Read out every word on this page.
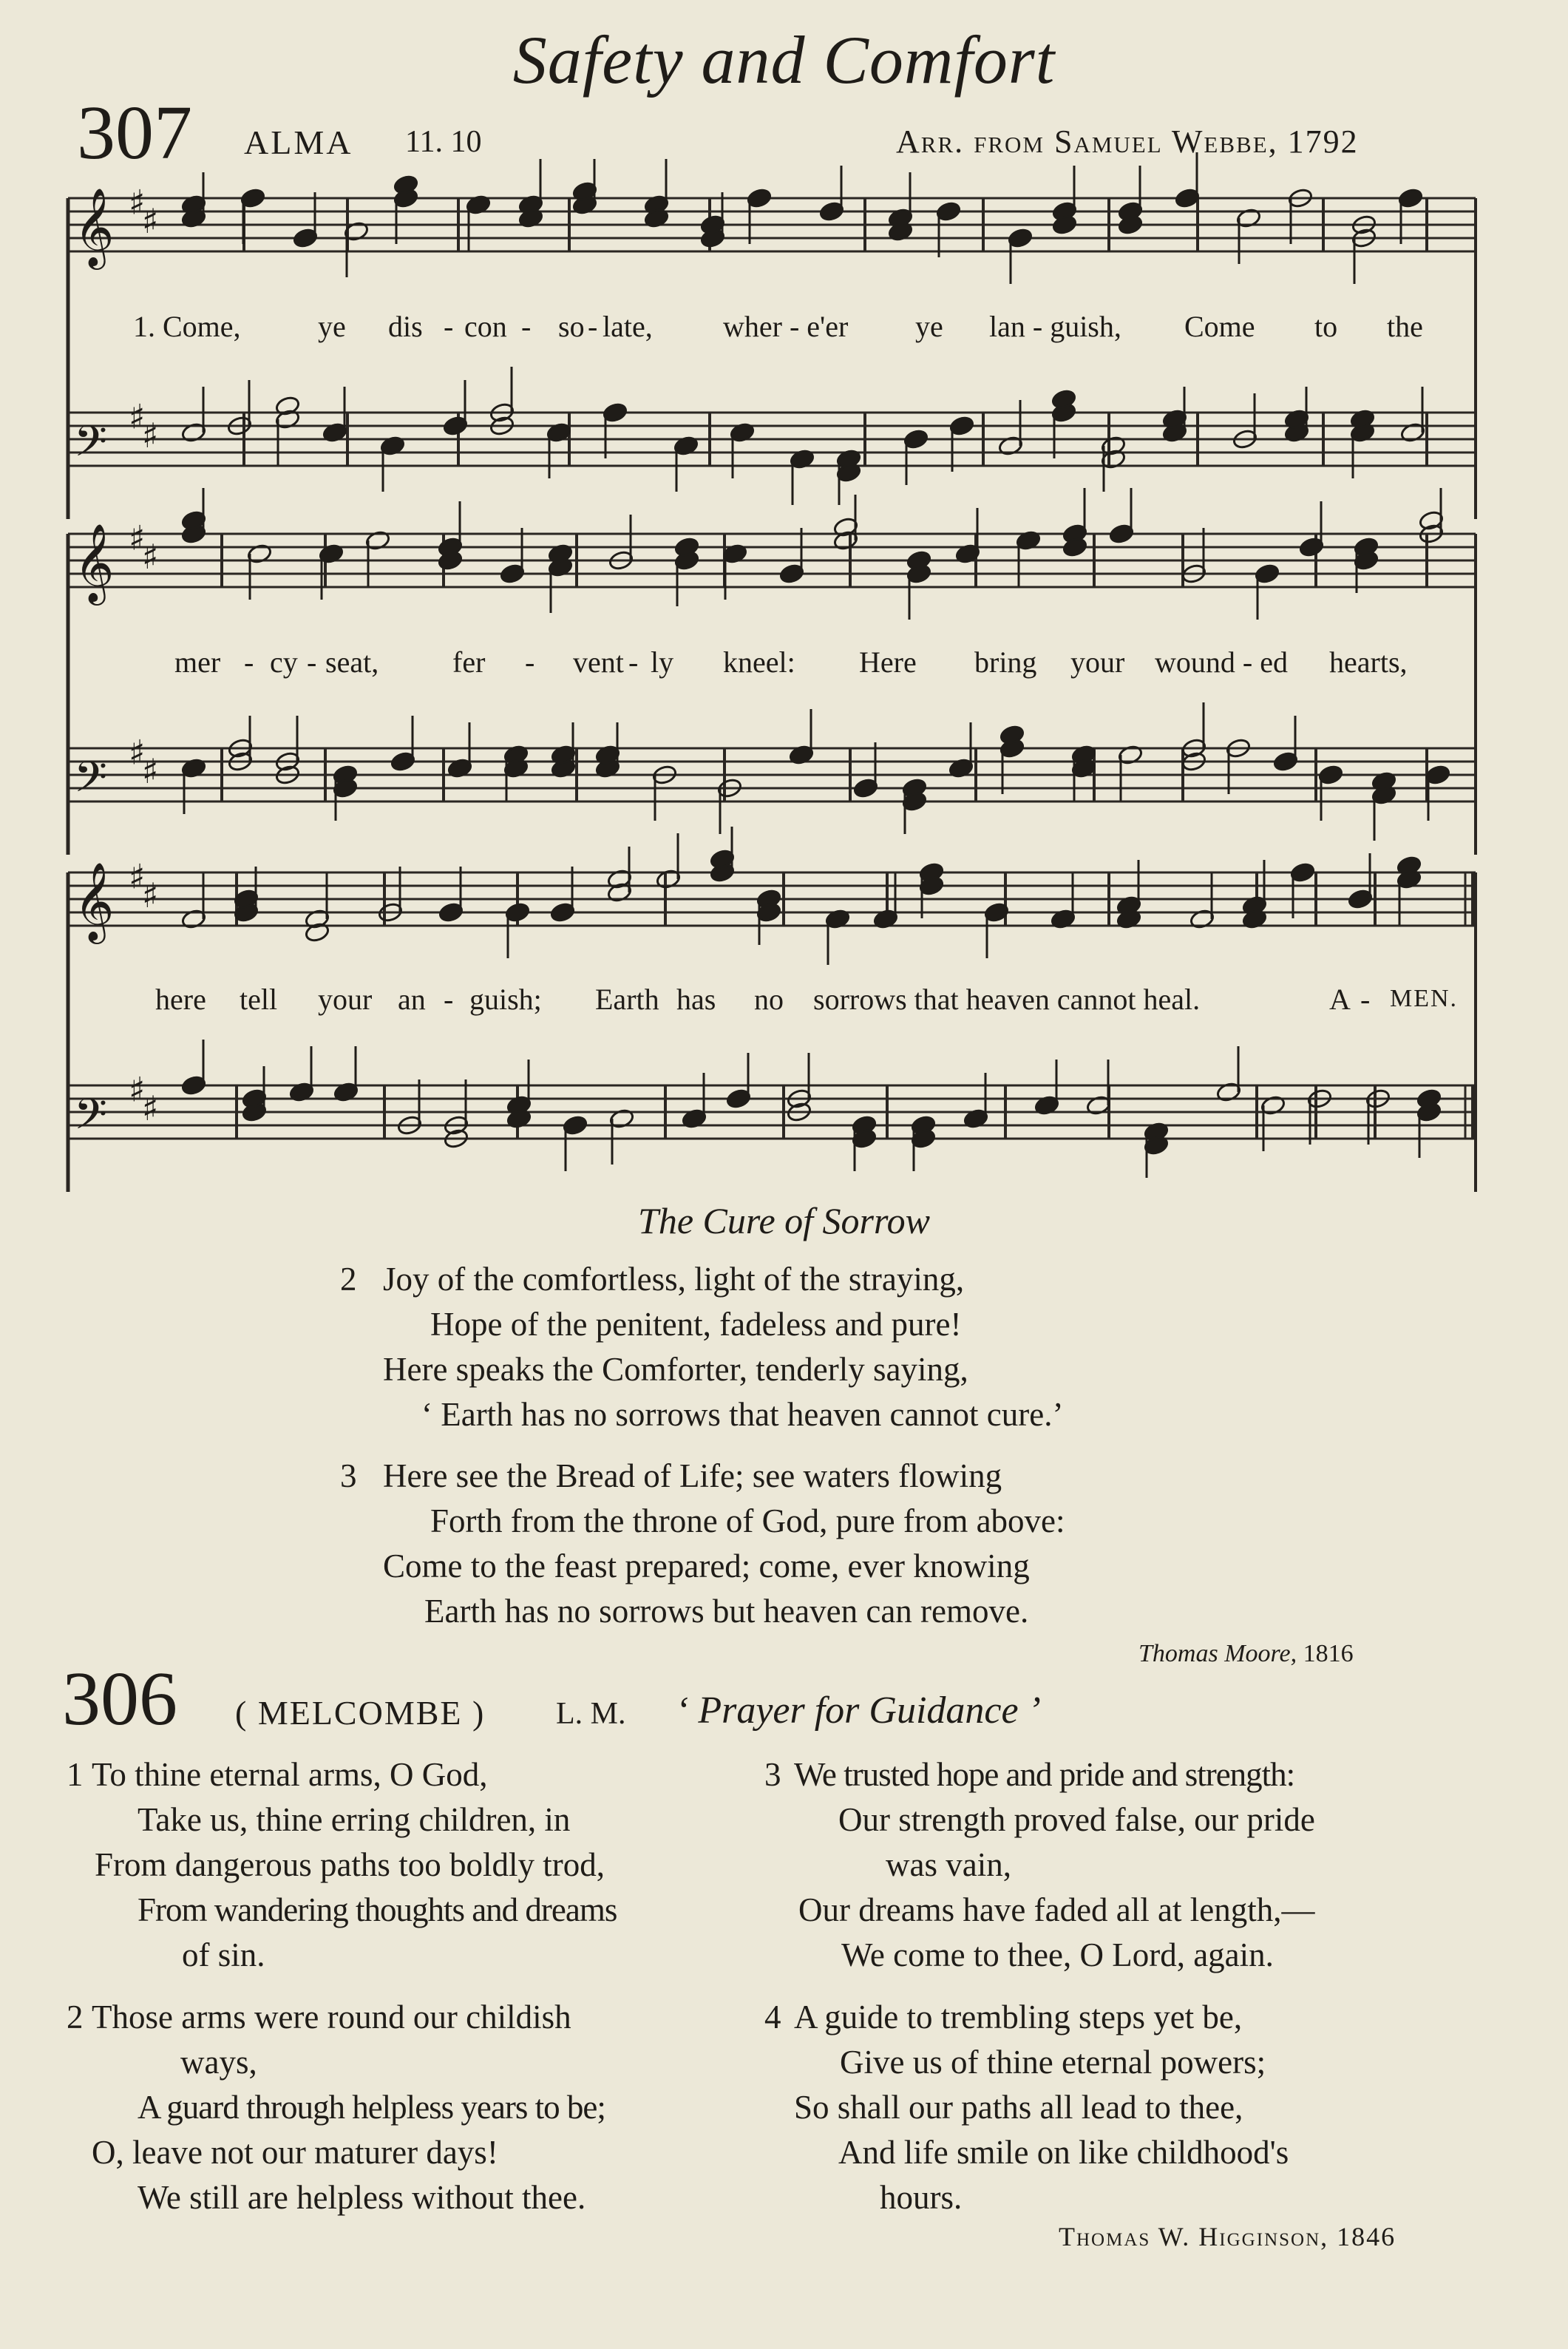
Safety and Comfort
307 ALMA 11. 10	Arr. from Samuel Webbe, 1792
𝄞 ♯
♯
𝄢 ♯
♯
𝄞 ♯
♯
𝄢 ♯
♯
𝄞 ♯
♯
𝄢 ♯
♯
1. Come,	ye dis - con - so - late, wher - e'er ye lan - guish, Come to the
mer - cy - seat, fer - vent - ly kneel: Here bring your wound - ed hearts,
here tell your an - guish; Earth has no sorrows that heaven cannot heal.	A - MEN.
The Cure of Sorrow
2 Joy of the comfortless, light of the straying,
Hope of the penitent, fadeless and pure!
Here speaks the Comforter, tenderly saying,
‘ Earth has no sorrows that heaven cannot cure.’
3 Here see the Bread of Life; see waters flowing
Forth from the throne of God, pure from above:
Come to the feast prepared; come, ever knowing
Earth has no sorrows but heaven can remove.
Thomas Moore, 1816
306 ( MELCOMBE ) L. M. ‘ Prayer for Guidance ’
1 To thine eternal arms, O God,
Take us, thine erring children, in
From dangerous paths too boldly trod,
From wandering thoughts and dreams
of sin.
2 Those arms were round our childish
ways,
A guard through helpless years to be;
O, leave not our maturer days!
We still are helpless without thee.
3 We trusted hope and pride and strength:
Our strength proved false, our pride
was vain,
Our dreams have faded all at length,—
We come to thee, O Lord, again.
4 A guide to trembling steps yet be,
Give us of thine eternal powers;
So shall our paths all lead to thee,
And life smile on like childhood's
hours.
Thomas W. Higginson, 1846
